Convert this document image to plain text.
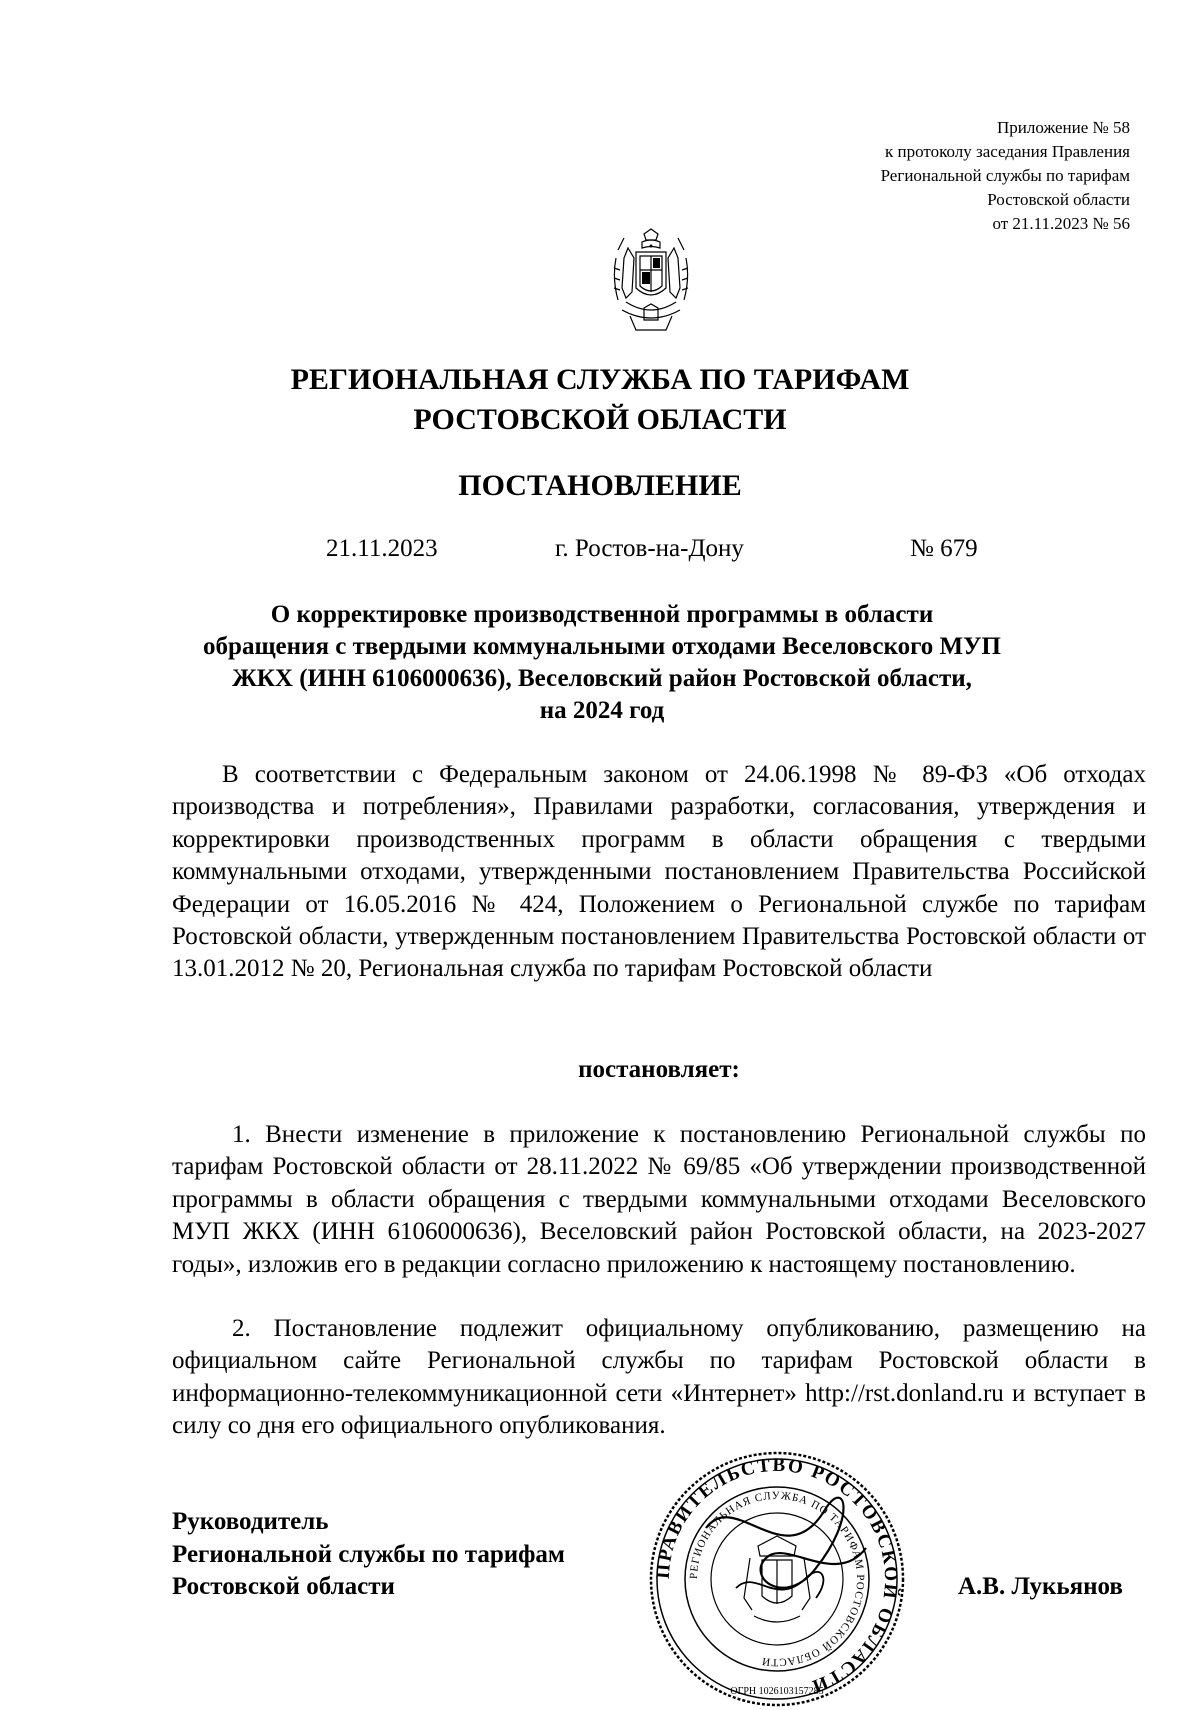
Приложение № 58
к протоколу заседания Правления
Региональной службы по тарифам
Ростовской области
от 21.11.2023 № 56
РЕГИОНАЛЬНАЯ СЛУЖБА ПО ТАРИФАМ
РОСТОВСКОЙ ОБЛАСТИ
ПОСТАНОВЛЕНИЕ
21.11.2023	г. Ростов-на-Дону	№ 679
О корректировке производственной программы в области
обращения с твердыми коммунальными отходами Веселовского МУП
ЖКХ (ИНН 6106000636), Веселовский район Ростовской области,
на 2024 год
В соответствии с Федеральным законом от 24.06.1998 № 89-ФЗ «Об отходах производства и потребления», Правилами разработки, согласования, утверждения и корректировки производственных программ в области обращения с твердыми коммунальными отходами, утвержденными постановлением Правительства Российской Федерации от 16.05.2016 № 424, Положением о Региональной службе по тарифам Ростовской области, утвержденным постановлением Правительства Ростовской области от 13.01.2012 № 20, Региональная служба по тарифам Ростовской области
постановляет:
1. Внести изменение в приложение к постановлению Региональной службы по тарифам Ростовской области от 28.11.2022 № 69/85 «Об утверждении производственной программы в области обращения с твердыми коммунальными отходами Веселовского МУП ЖКХ (ИНН 6106000636), Веселовский район Ростовской области, на 2023-2027 годы», изложив его в редакции согласно приложению к настоящему постановлению.
2. Постановление подлежит официальному опубликованию, размещению на официальном сайте Региональной службы по тарифам Ростовской области в информационно-телекоммуникационной сети «Интернет» http://rst.donland.ru и вступает в силу со дня его официального опубликования.
Руководитель
Региональной службы по тарифам
Ростовской области
ПРАВИТЕЛЬСТВО РОСТОВСКОЙ ОБЛАСТИ
РЕГИОНАЛЬНАЯ СЛУЖБА ПО ТАРИФАМ РОСТОВСКОЙ ОБЛАСТИ
ОГРН 1026103157285
А.В. Лукьянов
